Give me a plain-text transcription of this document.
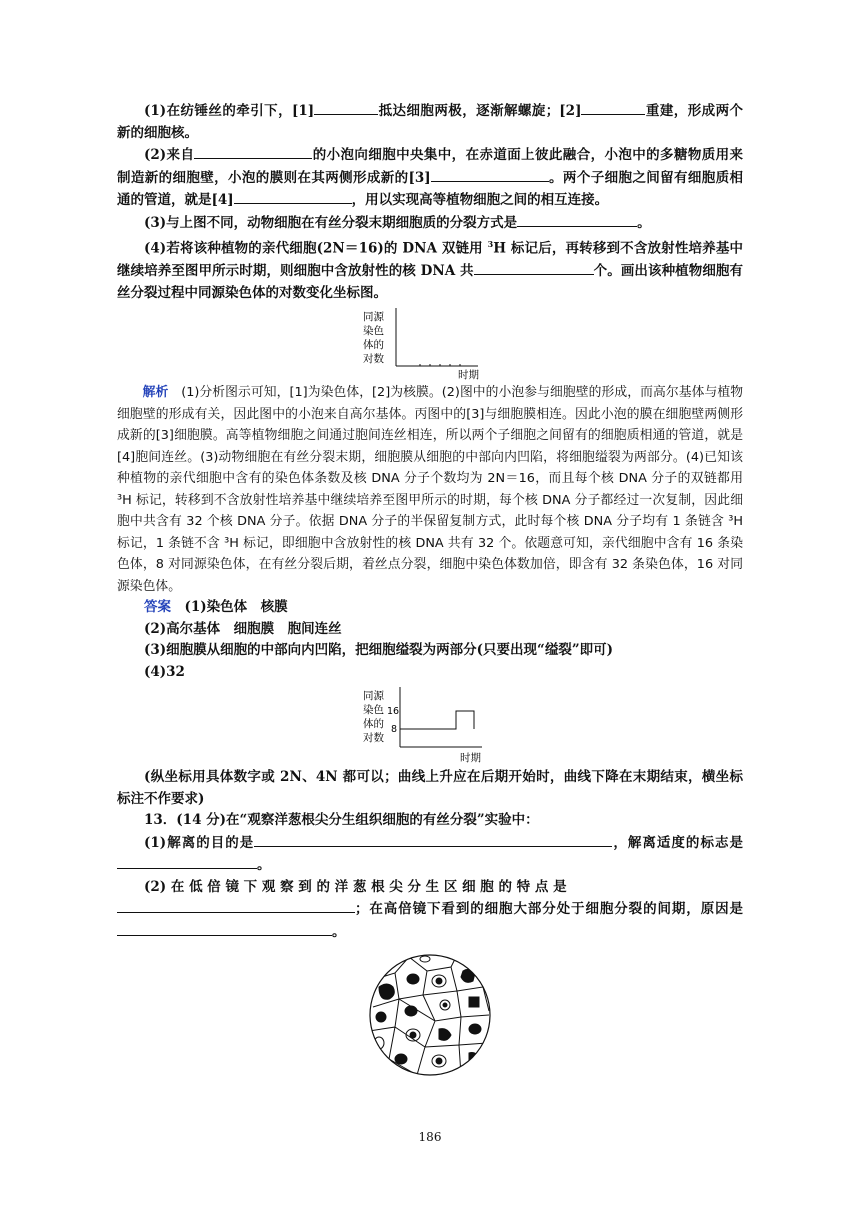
(1)在纺锤丝的牵引下，[1]	抵达细胞两极，逐渐解螺旋；[2]	重建，形成两个新的细胞核。

(2)来自	的小泡向细胞中央集中，在赤道面上彼此融合，小泡中的多糖物质用来制造新的细胞壁，小泡的膜则在其两侧形成新的[3]	。两个子细胞之间留有细胞质相通的管道，就是[4]	，用以实现高等植物细胞之间的相互连接。

(3)与上图不同，动物细胞在有丝分裂末期细胞质的分裂方式是	。

(4)若将该种植物的亲代细胞(2N＝16)的 DNA 双链用 $^3$H 标记后，再转移到不含放射性培养基中继续培养至图甲所示时期，则细胞中含放射性的核 DNA 共	个。画出该种植物细胞有丝分裂过程中同源染色体的对数变化坐标图。

同源
染色
体的
对数
时期

解析　 (1)分析图示可知，[1]为染色体，[2]为核膜。(2)图中的小泡参与细胞壁的形成，而高尔基体与植物细胞壁的形成有关，因此图中的小泡来自高尔基体。丙图中的[3]与细胞膜相连。因此小泡的膜在细胞壁两侧形成新的[3]细胞膜。高等植物细胞之间通过胞间连丝相连，所以两个子细胞之间留有的细胞质相通的管道，就是[4]胞间连丝。(3)动物细胞在有丝分裂末期，细胞膜从细胞的中部向内凹陷，将细胞缢裂为两部分。(4)已知该种植物的亲代细胞中含有的染色体条数及核 DNA 分子个数均为 2N＝16，而且每个核 DNA 分子的双链都用 ³H 标记，转移到不含放射性培养基中继续培养至图甲所示的时期，每个核 DNA 分子都经过一次复制，因此细胞中共含有 32 个核 DNA 分子。依据 DNA 分子的半保留复制方式，此时每个核 DNA 分子均有 1 条链含 ³H 标记，1 条链不含 ³H 标记，即细胞中含放射性的核 DNA 共有 32 个。依题意可知，亲代细胞中含有 16 条染色体，8 对同源染色体，在有丝分裂后期，着丝点分裂，细胞中染色体数加倍，即含有 32 条染色体，16 对同源染色体。

答案　 (1)染色体　核膜

(2)高尔基体　细胞膜　胞间连丝

(3)细胞膜从细胞的中部向内凹陷，把细胞缢裂为两部分(只要出现“缢裂”即可)

(4)32

同源
染色
体的
对数
16
8
时期

(纵坐标用具体数字或 2N、4N 都可以；曲线上升应在后期开始时，曲线下降在末期结束，横坐标标注不作要求)

13．(14 分)在“观察洋葱根尖分生组织细胞的有丝分裂”实验中：

(1)解离的目的是	，解离适度的标志是。

(2) 在 低 倍 镜 下 观 察 到 的 洋 葱 根 尖 分 生 区 细 胞 的 特 点 是
；在高倍镜下看到的细胞大部分处于细胞分裂的间期，原因是。

186
